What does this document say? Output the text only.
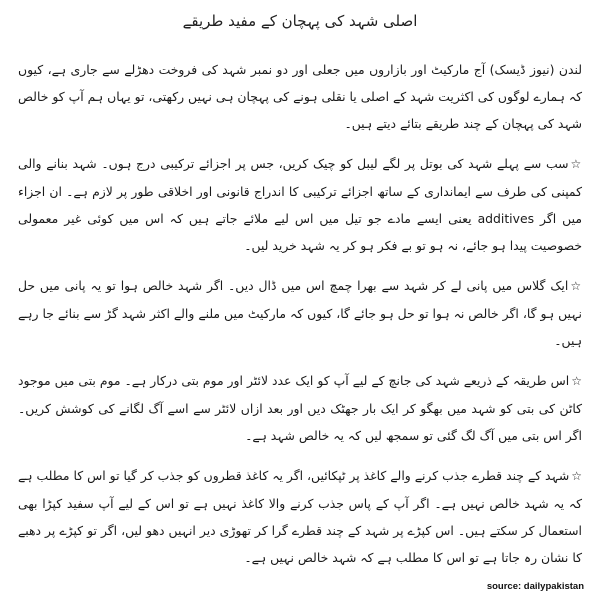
اصلی شہد کی پہچان کے مفید طریقے

لندن (نیوز ڈیسک) آج مارکیٹ اور بازاروں میں جعلی اور دو نمبر شہد کی فروخت دھڑلے سے جاری ہے، کیوں کہ ہمارے لوگوں کی اکثریت شہد کے اصلی یا نقلی ہونے کی پہچان ہی نہیں رکھتی، تو یہاں ہم آپ کو خالص شہد کی پہچان کے چند طریقے بتائے دیتے ہیں۔

☆سب سے پہلے شہد کی بوتل پر لگے لیبل کو چیک کریں، جس پر اجزائے ترکیبی درج ہوں۔ شہد بنانے والی کمپنی کی طرف سے ایمانداری کے ساتھ اجزائے ترکیبی کا اندراج قانونی اور اخلاقی طور پر لازم ہے۔ ان اجزاء میں اگر additives یعنی ایسے مادے جو تیل میں اس لیے ملائے جاتے ہیں کہ اس میں کوئی غیر معمولی خصوصیت پیدا ہو جائے، نہ ہو تو بے فکر ہو کر یہ شہد خرید لیں۔

☆ایک گلاس میں پانی لے کر شہد سے بھرا چمچ اس میں ڈال دیں۔ اگر شہد خالص ہوا تو یہ پانی میں حل نہیں ہو گا، اگر خالص نہ ہوا تو حل ہو جائے گا، کیوں کہ مارکیٹ میں ملنے والے اکثر شہد گڑ سے بنائے جا رہے ہیں۔

☆اس طریقہ کے ذریعے شہد کی جانچ کے لیے آپ کو ایک عدد لائٹر اور موم بتی درکار ہے۔ موم بتی میں موجود کاٹن کی بتی کو شہد میں بھگو کر ایک بار جھٹک دیں اور بعد ازاں لائٹر سے اسے آگ لگانے کی کوشش کریں۔ اگر اس بتی میں آگ لگ گئی تو سمجھ لیں کہ یہ خالص شہد ہے۔

☆شہد کے چند قطرے جذب کرنے والے کاغذ پر ٹپکائیں، اگر یہ کاغذ قطروں کو جذب کر گیا تو اس کا مطلب ہے کہ یہ شہد خالص نہیں ہے۔ اگر آپ کے پاس جذب کرنے والا کاغذ نہیں ہے تو اس کے لیے آپ سفید کپڑا بھی استعمال کر سکتے ہیں۔ اس کپڑے پر شہد کے چند قطرے گرا کر تھوڑی دیر انہیں دھو لیں، اگر تو کپڑے پر دھبے کا نشان رہ جاتا ہے تو اس کا مطلب ہے کہ شہد خالص نہیں ہے۔

source: dailypakistan
